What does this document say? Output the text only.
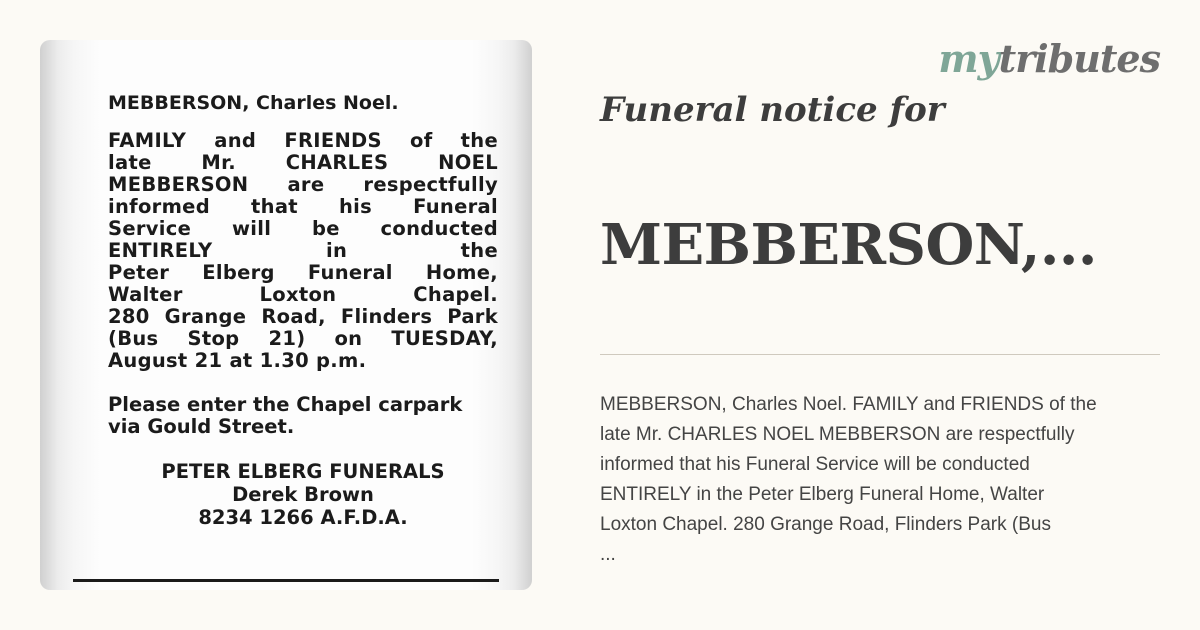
MEBBERSON, Charles Noel.

FAMILY and FRIENDS of the
late Mr. CHARLES NOEL
MEBBERSON are respectfully
informed that his Funeral
Service will be conducted
ENTIRELY in the
Peter Elberg Funeral Home,
Walter Loxton Chapel.
280 Grange Road, Flinders Park
(Bus Stop 21) on TUESDAY,
August 21 at 1.30 p.m.

Please enter the Chapel carpark via Gould Street.

PETER ELBERG FUNERALS
Derek Brown
8234 1266 A.F.D.A.
mytributes
Funeral notice for
MEBBERSON,...

MEBBERSON, Charles Noel. FAMILY and FRIENDS of the
late Mr. CHARLES NOEL MEBBERSON are respectfully
informed that his Funeral Service will be conducted
ENTIRELY in the Peter Elberg Funeral Home, Walter
Loxton Chapel. 280 Grange Road, Flinders Park (Bus
...
